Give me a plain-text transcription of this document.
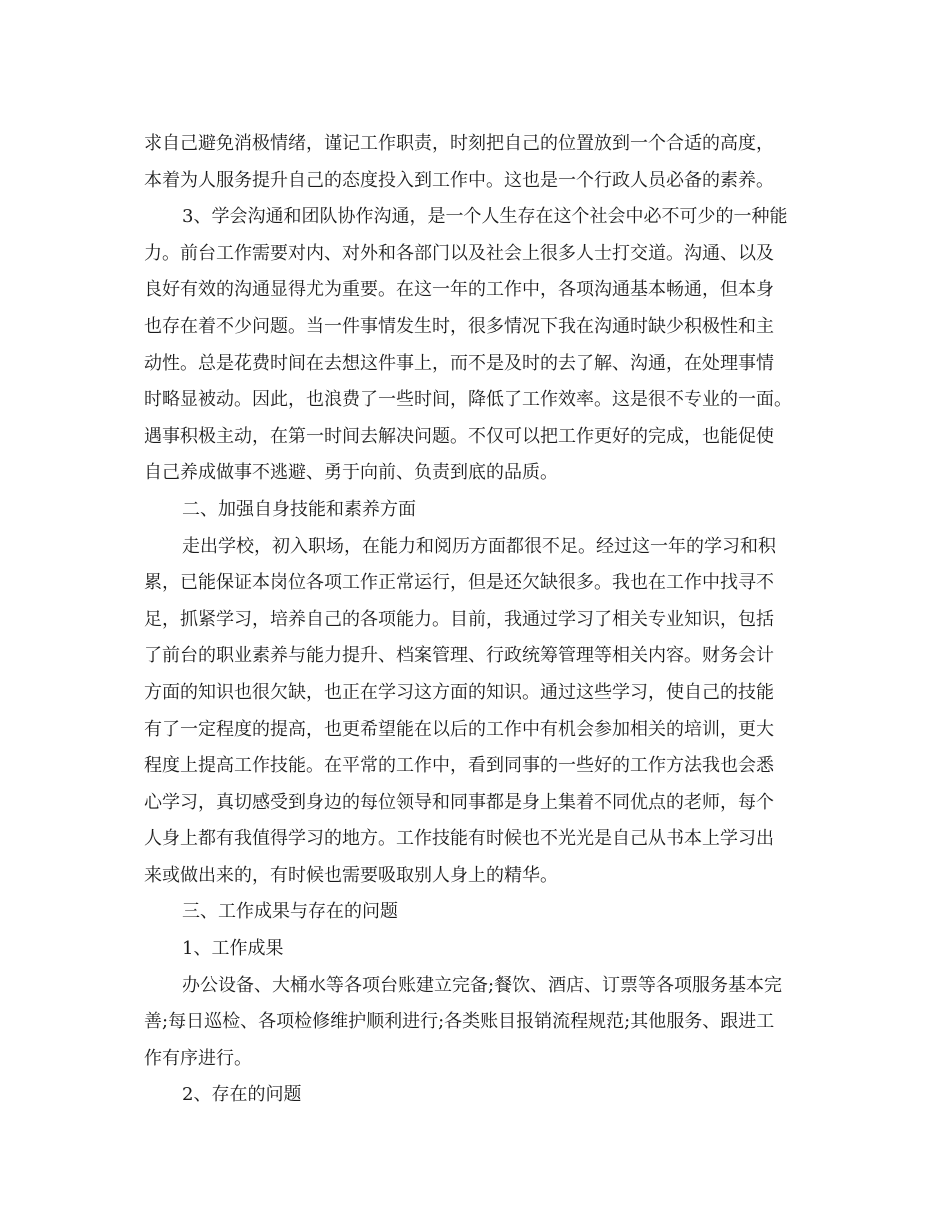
求自己避免消极情绪，谨记工作职责，时刻把自己的位置放到一个合适的高度，
本着为人服务提升自己的态度投入到工作中。这也是一个行政人员必备的素养。
3、学会沟通和团队协作沟通，是一个人生存在这个社会中必不可少的一种能
力。前台工作需要对内、对外和各部门以及社会上很多人士打交道。沟通、以及
良好有效的沟通显得尤为重要。在这一年的工作中，各项沟通基本畅通，但本身
也存在着不少问题。当一件事情发生时，很多情况下我在沟通时缺少积极性和主
动性。总是花费时间在去想这件事上，而不是及时的去了解、沟通，在处理事情
时略显被动。因此，也浪费了一些时间，降低了工作效率。这是很不专业的一面。
遇事积极主动，在第一时间去解决问题。不仅可以把工作更好的完成，也能促使
自己养成做事不逃避、勇于向前、负责到底的品质。
二、加强自身技能和素养方面
走出学校，初入职场，在能力和阅历方面都很不足。经过这一年的学习和积
累，已能保证本岗位各项工作正常运行，但是还欠缺很多。我也在工作中找寻不
足，抓紧学习，培养自己的各项能力。目前，我通过学习了相关专业知识，包括
了前台的职业素养与能力提升、档案管理、行政统筹管理等相关内容。财务会计
方面的知识也很欠缺，也正在学习这方面的知识。通过这些学习，使自己的技能
有了一定程度的提高，也更希望能在以后的工作中有机会参加相关的培训，更大
程度上提高工作技能。在平常的工作中，看到同事的一些好的工作方法我也会悉
心学习，真切感受到身边的每位领导和同事都是身上集着不同优点的老师，每个
人身上都有我值得学习的地方。工作技能有时候也不光光是自己从书本上学习出
来或做出来的，有时候也需要吸取别人身上的精华。
三、工作成果与存在的问题
1、工作成果
办公设备、大桶水等各项台账建立完备;餐饮、酒店、订票等各项服务基本完
善;每日巡检、各项检修维护顺利进行;各类账目报销流程规范;其他服务、跟进工
作有序进行。
2、存在的问题
